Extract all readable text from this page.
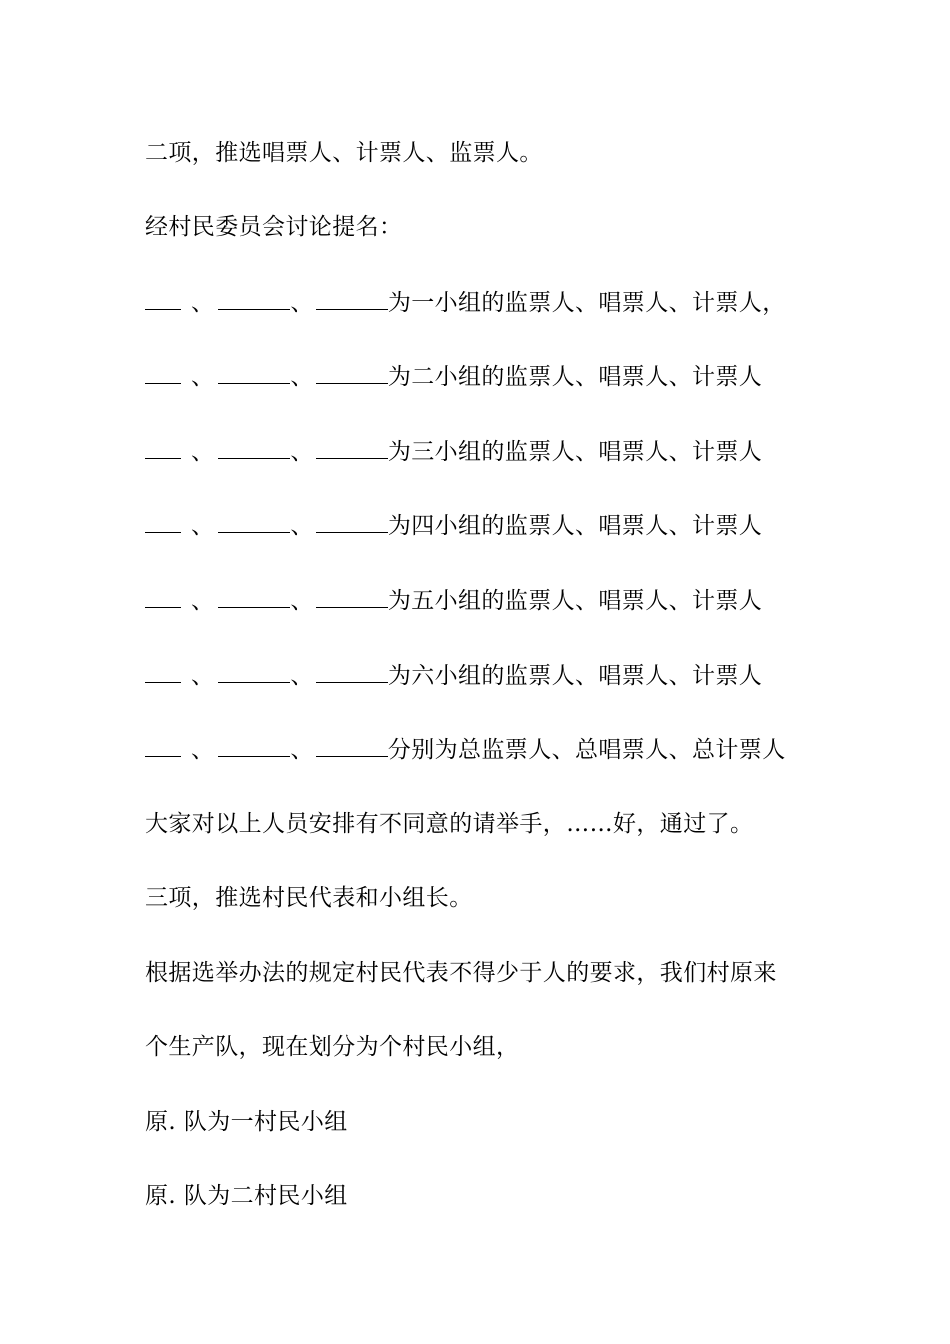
二项，推选唱票人、计票人、监票人。
经村民委员会讨论提名：
、	、	为一小组的监票人、唱票人、计票人，
、	、	为二小组的监票人、唱票人、计票人
、	、	为三小组的监票人、唱票人、计票人
、	、	为四小组的监票人、唱票人、计票人
、	、	为五小组的监票人、唱票人、计票人
、	、	为六小组的监票人、唱票人、计票人
、	、	分别为总监票人、总唱票人、总计票人
大家对以上人员安排有不同意的请举手，……好，通过了。
三项，推选村民代表和小组长。
根据选举办法的规定村民代表不得少于人的要求，我们村原来
个生产队，现在划分为个村民小组，
原. 队为一村民小组
原. 队为二村民小组
